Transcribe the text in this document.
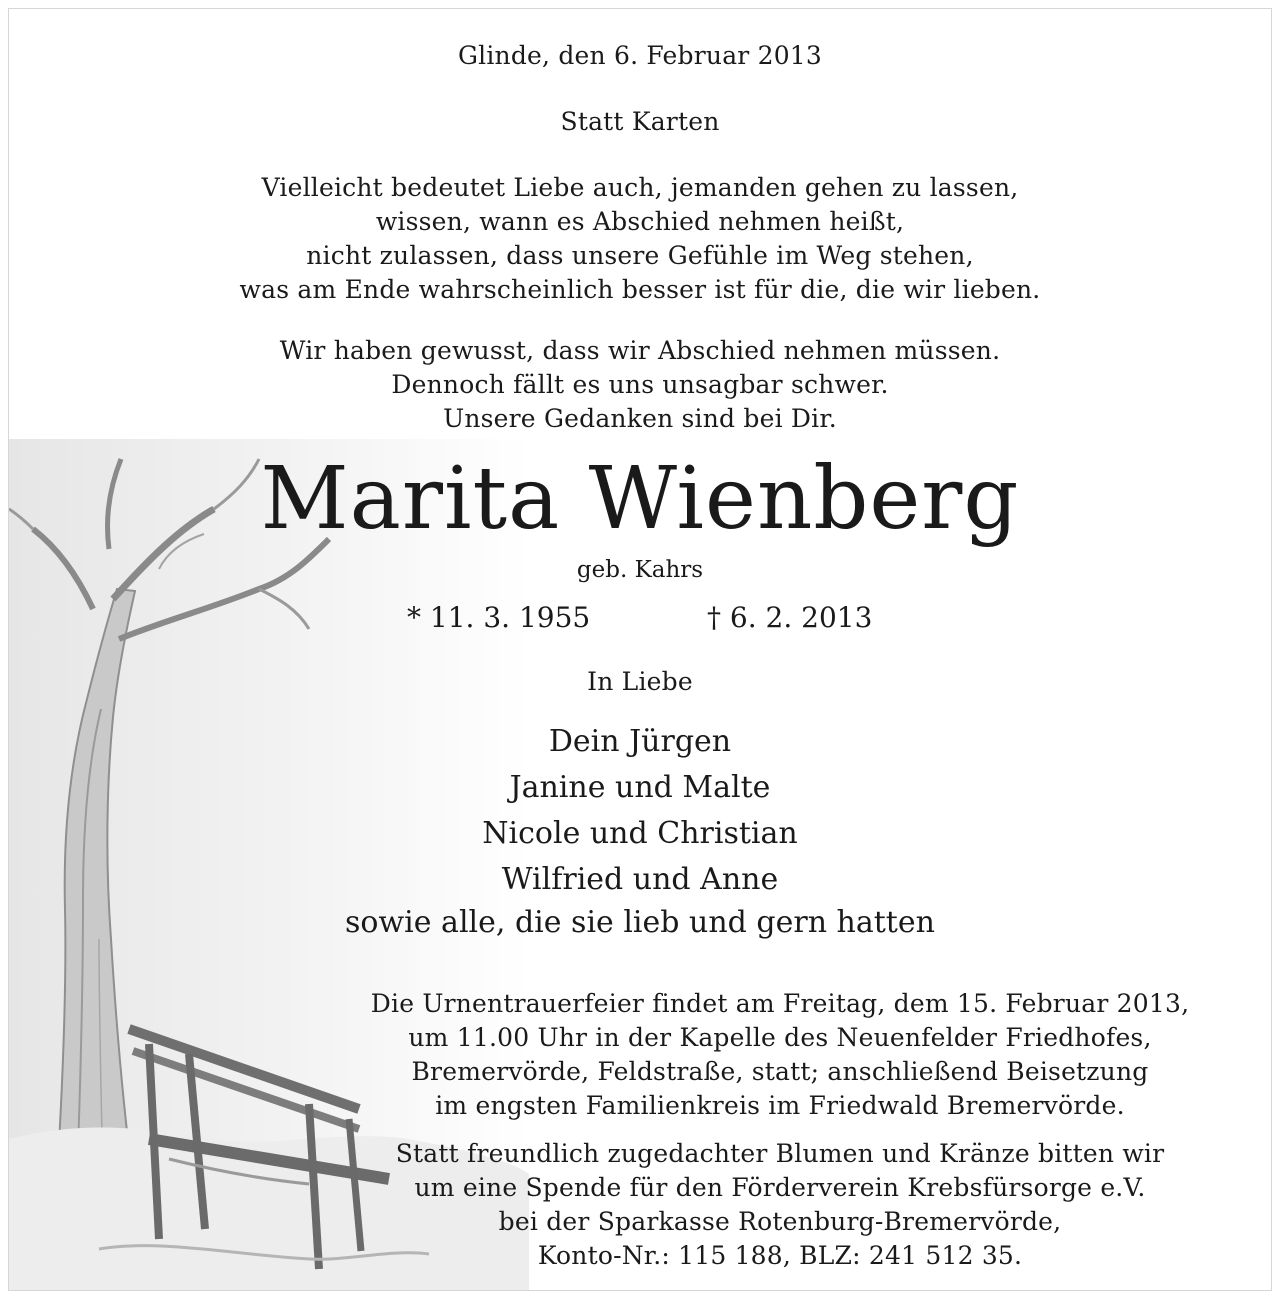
Glinde, den 6. Februar 2013
Statt Karten
Vielleicht bedeutet Liebe auch, jemanden gehen zu lassen,
wissen, wann es Abschied nehmen heißt,
nicht zulassen, dass unsere Gefühle im Weg stehen,
was am Ende wahrscheinlich besser ist für die, die wir lieben.
Wir haben gewusst, dass wir Abschied nehmen müssen.
Dennoch fällt es uns unsagbar schwer.
Unsere Gedanken sind bei Dir.
Marita Wienberg
geb. Kahrs
* 11. 3. 1955	† 6. 2. 2013
In Liebe
Dein Jürgen
Janine und Malte
Nicole und Christian
Wilfried und Anne
sowie alle, die sie lieb und gern hatten
Die Urnentrauerfeier findet am Freitag, dem 15. Februar 2013,
um 11.00 Uhr in der Kapelle des Neuenfelder Friedhofes,
Bremervörde, Feldstraße, statt; anschließend Beisetzung
im engsten Familienkreis im Friedwald Bremervörde.
Statt freundlich zugedachter Blumen und Kränze bitten wir
um eine Spende für den Förderverein Krebsfürsorge e.V.
bei der Sparkasse Rotenburg-Bremervörde,
Konto-Nr.: 115 188, BLZ: 241 512 35.
